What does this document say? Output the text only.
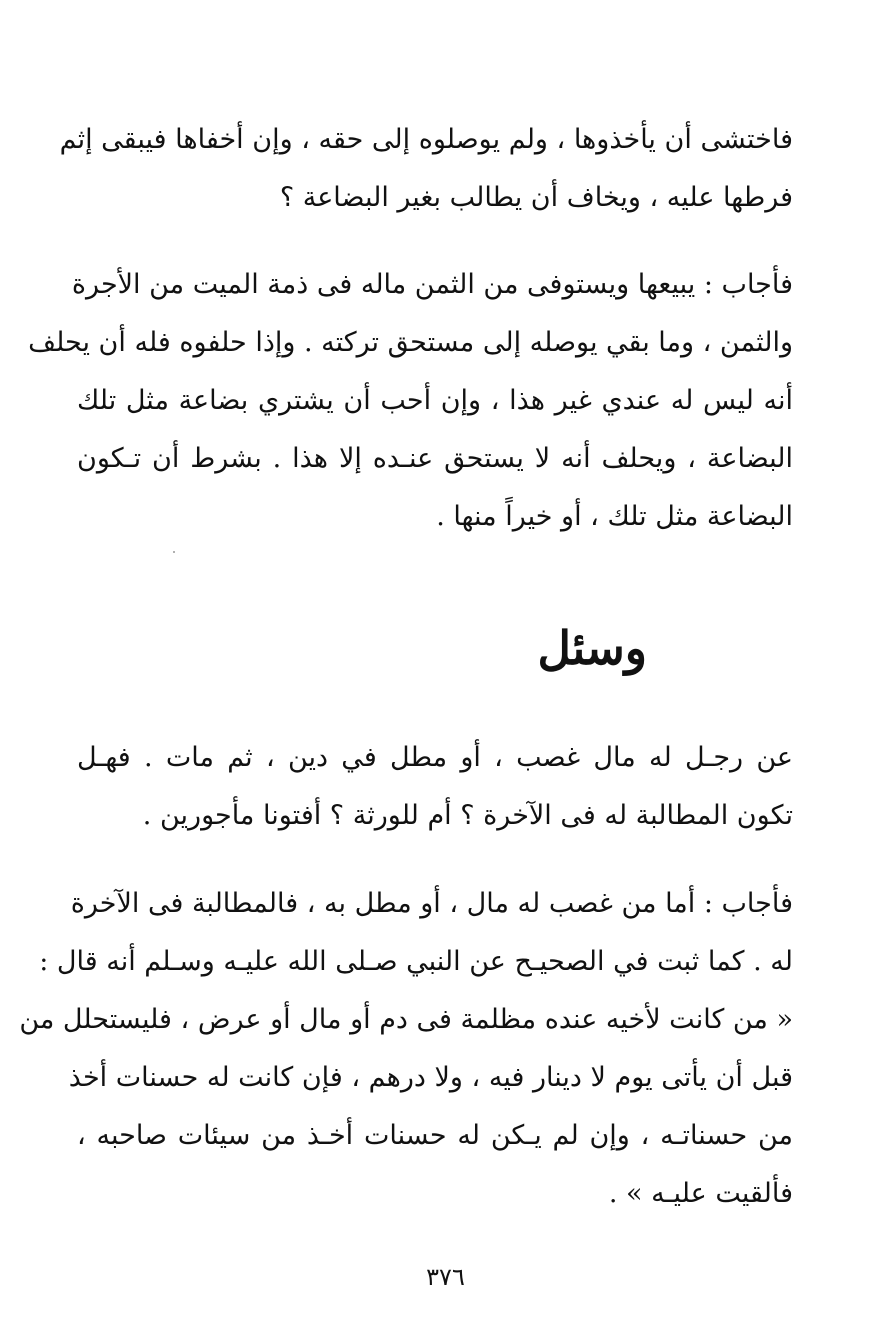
فاختشى أن يأخذوها ، ولم يوصلوه إلى حقه ، وإن أخفاها فيبقى إثم
فرطها عليه ، ويخاف أن يطالب بغير البضاعة ؟
فأجاب : يبيعها ويستوفى من الثمن ماله فى ذمة الميت من الأجرة
والثمن ، وما بقي يوصله إلى مستحق تركته . وإذا حلفوه فله أن يحلف
أنه ليس له عندي غير هذا ، وإن أحب أن يشتري بضاعة مثل تلك
البضاعة ، ويحلف أنه لا يستحق عنـده إلا هذا . بشرط أن تـكون
البضاعة مثل تلك ، أو خيراً منها .
وسئل
عن رجـل له مال غصب ، أو مطل في دين ، ثم مات . فهـل
تكون المطالبة له فى الآخرة ؟ أم للورثة ؟ أفتونا مأجورين .
فأجاب : أما من غصب له مال ، أو مطل به ، فالمطالبة فى الآخرة
له . كما ثبت في الصحيـح عن النبي صـلى الله عليـه وسـلم أنه قال :
« من كانت لأخيه عنده مظلمة فى دم أو مال أو عرض ، فليستحلل من
قبل أن يأتى يوم لا دينار فيه ، ولا درهم ، فإن كانت له حسنات أخذ
من حسناتـه ، وإن لم يـكن له حسنات أخـذ من سيئات صاحبه ،
فألقيت عليـه » .
٣٧٦
